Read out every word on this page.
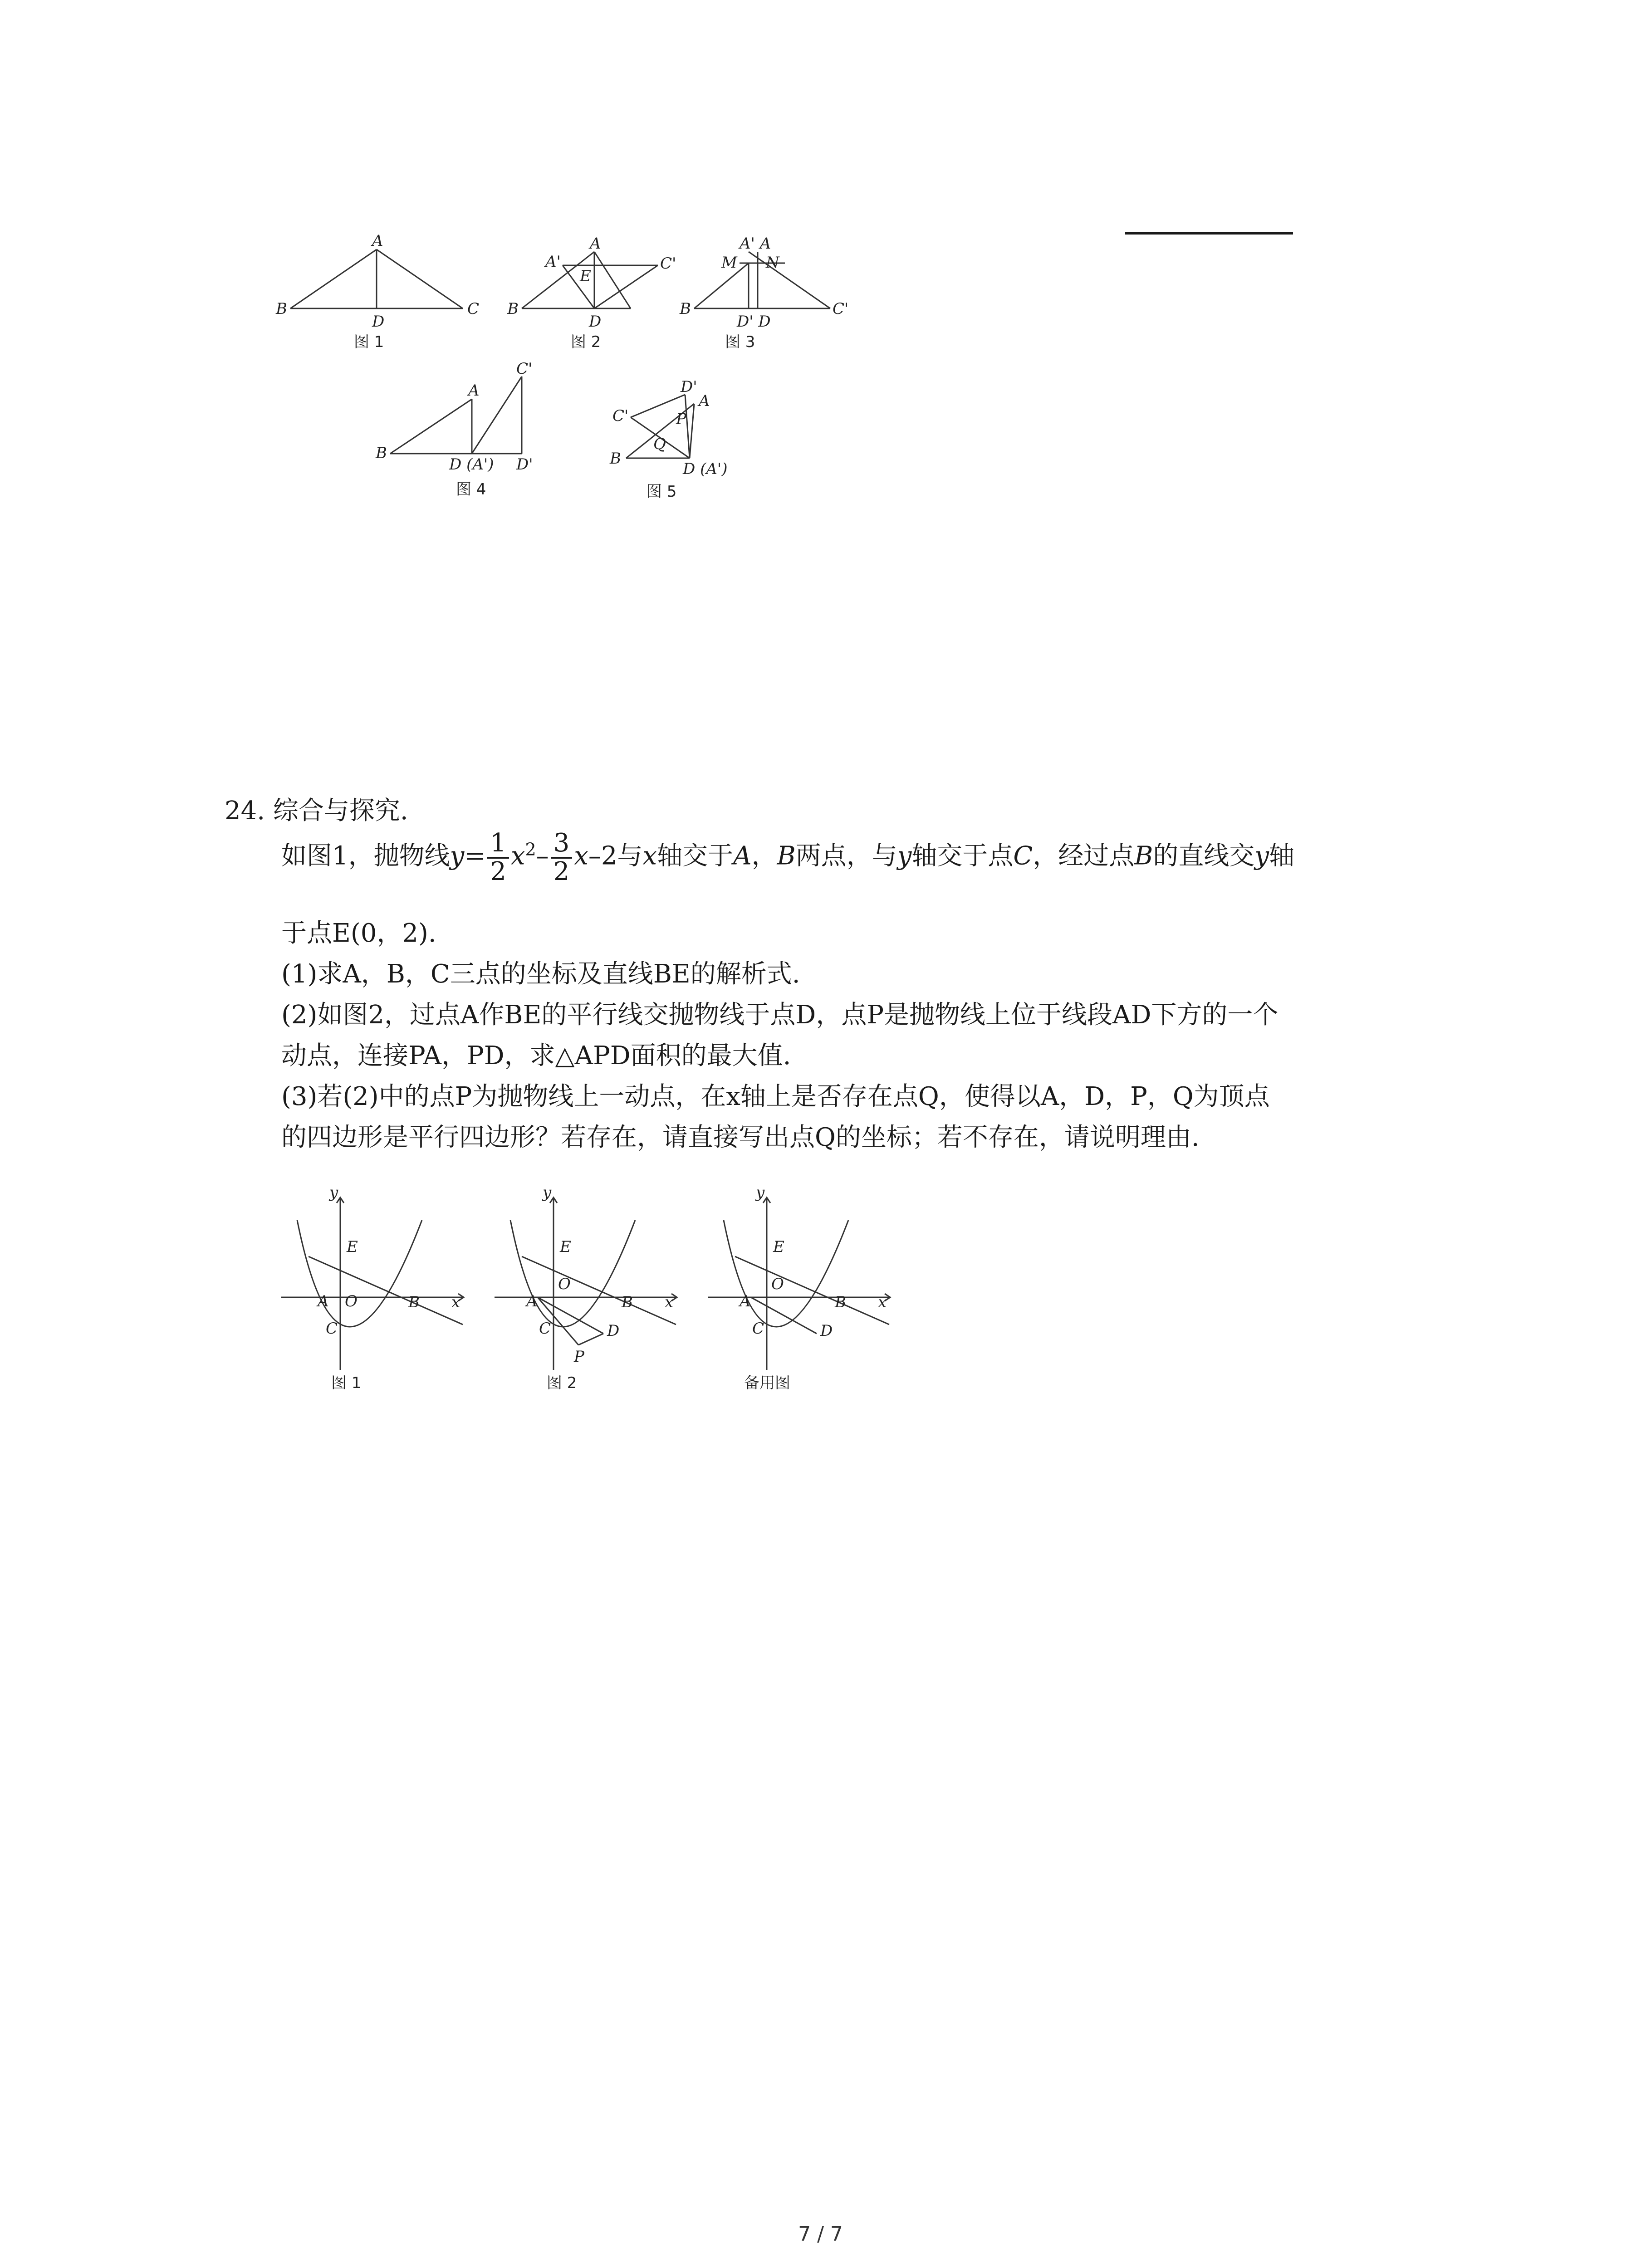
A
B	C
D
图 1
A
A'	C'
E
B
D
图 2
A' A
M N
B
D' D
C'
图 3
A
C'
B
D (A') D'
图 4
D'
A
C'	P
Q
B
D (A')
图 5
24. 综合与探究.
如图1，抛物线$y= \frac{1}{2} x^2- \frac{3}{2} x-2$与x轴交于A，B两点，与y轴交于点C，经过点B的直线交y轴
于点E(0，2).
(1)求A，B，C三点的坐标及直线BE的解析式.
(2)如图2，过点A作BE的平行线交抛物线于点D，点P是抛物线上位于线段AD下方的一个
动点，连接PA，PD，求△APD面积的最大值.
(3)若(2)中的点P为抛物线上一动点，在x轴上是否存在点Q，使得以A，D，P，Q为顶点
的四边形是平行四边形？若存在，请直接写出点Q的坐标；若不存在，请说明理由.
y
E
A O	B x
C
图 1
y
E
A
O
B x
C	D
P
图 2
y
E
A
O
B x
C	D
备用图
7 / 7
